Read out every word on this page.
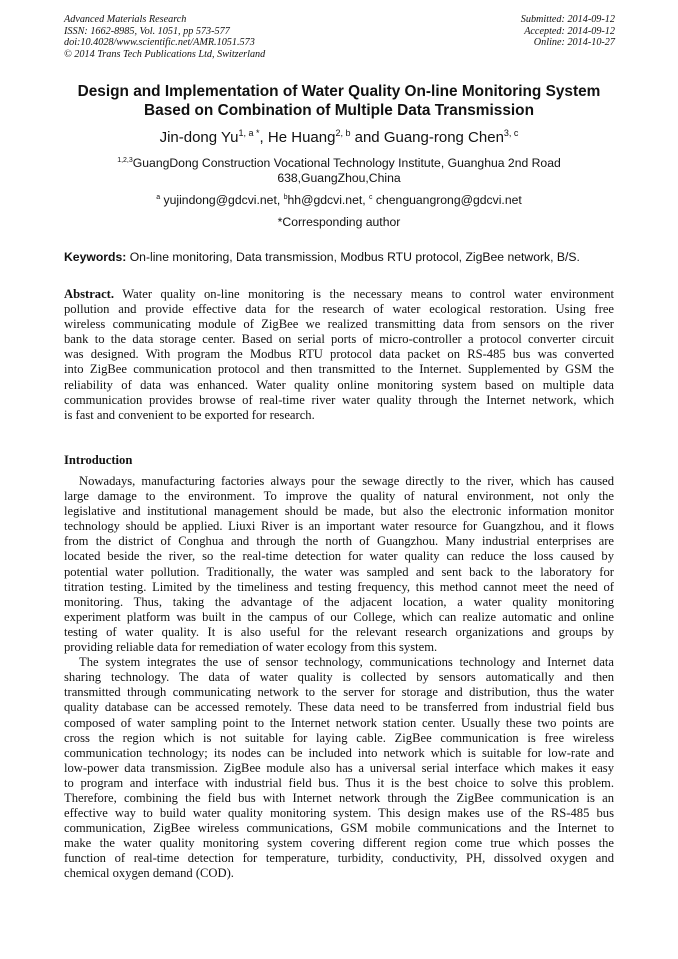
Advanced Materials Research
ISSN: 1662-8985, Vol. 1051, pp 573-577
doi:10.4028/www.scientific.net/AMR.1051.573
© 2014 Trans Tech Publications Ltd, Switzerland
Submitted: 2014-09-12
Accepted: 2014-09-12
Online: 2014-10-27
Design and Implementation of Water Quality On-line Monitoring System
Based on Combination of Multiple Data Transmission
Jin-dong $Yu^{1, a *}$, He Huang$^{2, b}$ and Guang-rong Chen$^{3, c}$
$^{1,2,3}$GuangDong Construction Vocational Technology Institute, Guanghua 2nd Road
638,GuangZhou,China
$^a$ yujindong@gdcvi.net, $^b$hh@gdcvi.net, $^c$ chenguangrong@gdcvi.net
*Corresponding author
Keywords: On-line monitoring, Data transmission, Modbus RTU protocol, ZigBee network, B/S.
Abstract. Water quality on-line monitoring is the necessary means to control water environment
pollution and provide effective data for the research of water ecological restoration. Using free
wireless communicating module of ZigBee we realized transmitting data from sensors on the river
bank to the data storage center. Based on serial ports of micro-controller a protocol converter circuit
was designed. With program the Modbus RTU protocol data packet on RS-485 bus was converted
into ZigBee communication protocol and then transmitted to the Internet. Supplemented by GSM the
reliability of data was enhanced. Water quality online monitoring system based on multiple data
communication provides browse of real-time river water quality through the Internet network, which
is fast and convenient to be exported for research.
Introduction
Nowadays, manufacturing factories always pour the sewage directly to the river, which has caused
large damage to the environment. To improve the quality of natural environment, not only the
legislative and institutional management should be made, but also the electronic information monitor
technology should be applied. Liuxi River is an important water resource for Guangzhou, and it flows
from the district of Conghua and through the north of Guangzhou. Many industrial enterprises are
located beside the river, so the real-time detection for water quality can reduce the loss caused by
potential water pollution. Traditionally, the water was sampled and sent back to the laboratory for
titration testing. Limited by the timeliness and testing frequency, this method cannot meet the need of
monitoring. Thus, taking the advantage of the adjacent location, a water quality monitoring
experiment platform was built in the campus of our College, which can realize automatic and online
testing of water quality. It is also useful for the relevant research organizations and groups by
providing reliable data for remediation of water ecology from this system.
The system integrates the use of sensor technology, communications technology and Internet data
sharing technology. The data of water quality is collected by sensors automatically and then
transmitted through communicating network to the server for storage and distribution, thus the water
quality database can be accessed remotely. These data need to be transferred from industrial field bus
composed of water sampling point to the Internet network station center. Usually these two points are
cross the region which is not suitable for laying cable. ZigBee communication is free wireless
communication technology; its nodes can be included into network which is suitable for low-rate and
low-power data transmission. ZigBee module also has a universal serial interface which makes it easy
to program and interface with industrial field bus. Thus it is the best choice to solve this problem.
Therefore, combining the field bus with Internet network through the ZigBee communication is an
effective way to build water quality monitoring system. This design makes use of the RS-485 bus
communication, ZigBee wireless communications, GSM mobile communications and the Internet to
make the water quality monitoring system covering different region come true which posses the
function of real-time detection for temperature, turbidity, conductivity, PH, dissolved oxygen and
chemical oxygen demand (COD).
